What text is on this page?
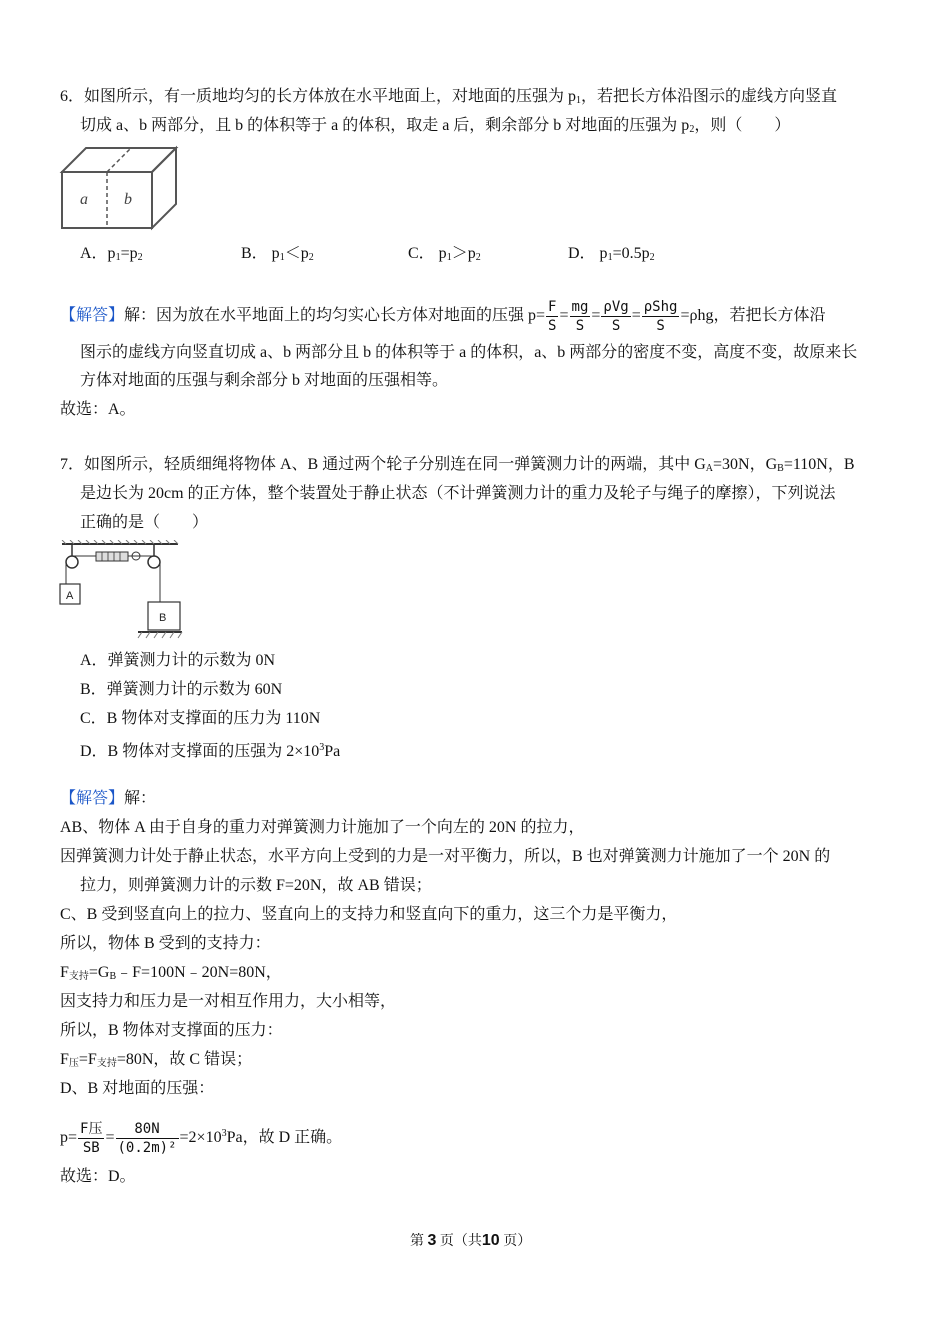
6．如图所示，有一质地均匀的长方体放在水平地面上，对地面的压强为 $p_1$，若把长方体沿图示的虚线方向竖直
切成 a、b 两部分，且 b 的体积等于 a 的体积，取走 a 后，剩余部分 b 对地面的压强为 $p_2$，则（　　）
a b
A．$p_1=p_2$	B． $p_1<p_2$	C． $p_1>p_2$	D． $p_1=0.5p_2$
【解答】解：因为放在水平地面上的均匀实心长方体对地面的压强 $p= \frac{F}{S} = \frac{mg}{S} = \frac{\text{ρVg}}{S} = \frac{\text{ρShg}}{S} =\rho hg$，若把长方体沿
图示的虚线方向竖直切成 a、b 两部分且 b 的体积等于 a 的体积，a、b 两部分的密度不变，高度不变，故原来长
方体对地面的压强与剩余部分 b 对地面的压强相等。
故选：A。
7．如图所示，轻质细绳将物体 A、B 通过两个轮子分别连在同一弹簧测力计的两端，其中 $G_A=30N$，$G_B=110N$，B
是边长为 20cm 的正方体，整个装置处于静止状态（不计弹簧测力计的重力及轮子与绳子的摩擦），下列说法
正确的是（　　）
A
B
A．弹簧测力计的示数为 0N
B．弹簧测力计的示数为 60N
C．B 物体对支撑面的压力为 110N
D．B 物体对支撑面的压强为 $2\times 10^3Pa$
【解答】解：
AB、物体 A 由于自身的重力对弹簧测力计施加了一个向左的 20N 的拉力，
因弹簧测力计处于静止状态，水平方向上受到的力是一对平衡力，所以，B 也对弹簧测力计施加了一个 20N 的
拉力，则弹簧测力计的示数 F=20N，故 AB 错误；
C、B 受到竖直向上的拉力、竖直向上的支持力和竖直向下的重力，这三个力是平衡力，
所以，物体 B 受到的支持力：
$F_{支持}=G_B﹣F=100N﹣20N=80N$，
因支持力和压力是一对相互作用力，大小相等，
所以，B 物体对支撑面的压力：
$F_压=F_{支持}=80N$，故 C 错误；
D、B 对地面的压强：
$p= \frac{\text{F压}}{SB} = \frac{80N}{\text{(0.2m)²}} =2\times 10^3Pa$，故 D 正确。
故选：D。
第 3 页（共10 页）
